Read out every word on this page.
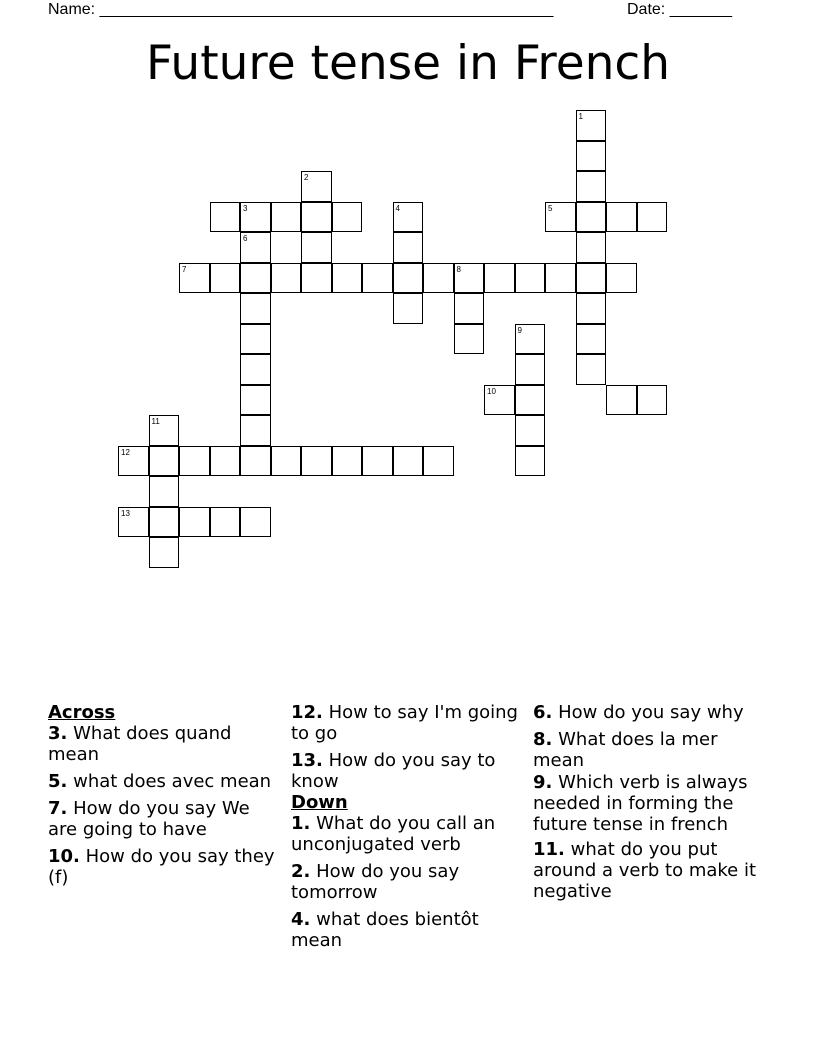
Name: ___________________________________________________	Date: _______
Future tense in French
1
2
3	4	5
6
7	8
9
10
11
12
13

Across

3. What does quand mean

5. what does avec mean

7. How do you say We are going to have

10. How do you say they (f)

12. How to say I'm going to go

13. How do you say to know

Down

1. What do you call an unconjugated verb

2. How do you say tomorrow

4. what does bientôt mean

6. How do you say why

8. What does la mer mean

9. Which verb is always needed in forming the future tense in french

11. what do you put around a verb to make it negative
